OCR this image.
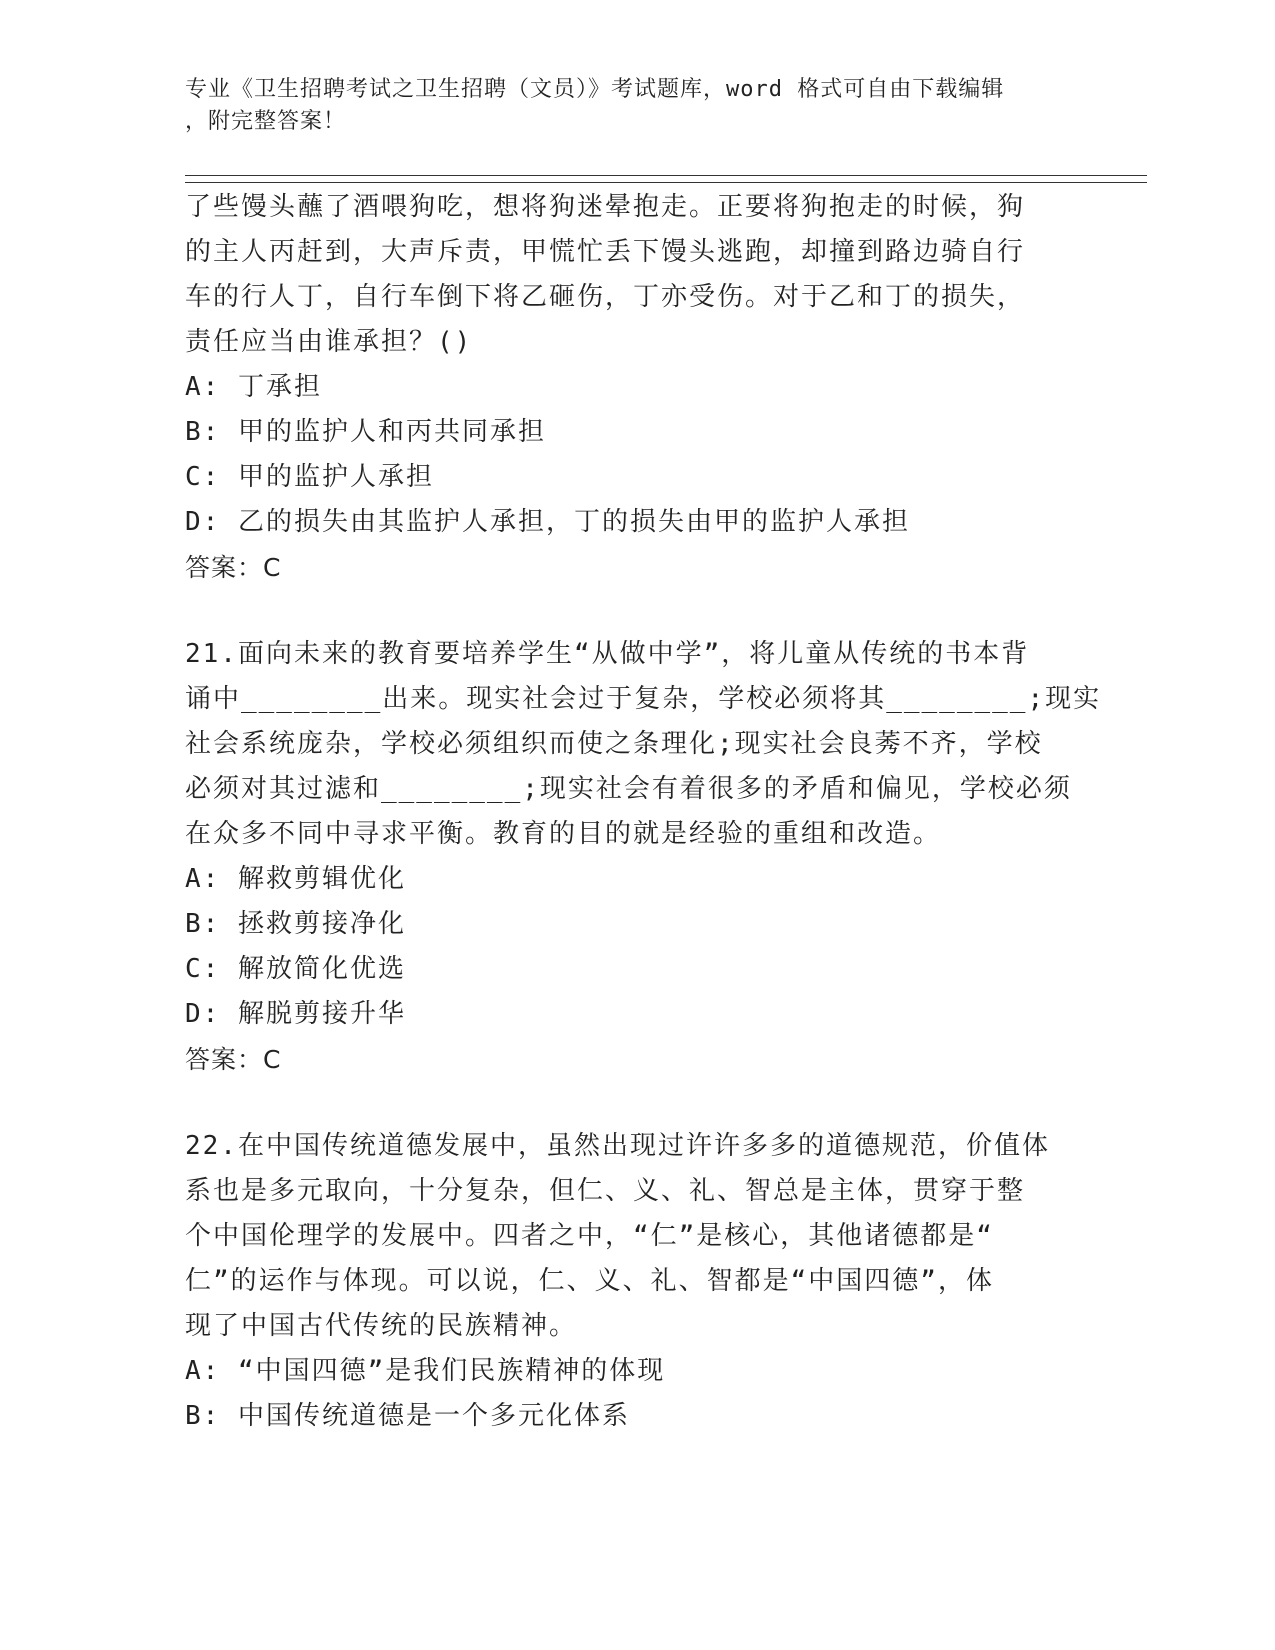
专业《卫生招聘考试之卫生招聘（文员）》考试题库，word 格式可自由下载编辑
，附完整答案！
了些馒头蘸了酒喂狗吃，想将狗迷晕抱走。正要将狗抱走的时候，狗
的主人丙赶到，大声斥责，甲慌忙丢下馒头逃跑，却撞到路边骑自行
车的行人丁，自行车倒下将乙砸伤，丁亦受伤。对于乙和丁的损失，
责任应当由谁承担？()
A: 丁承担
B: 甲的监护人和丙共同承担
C: 甲的监护人承担
D: 乙的损失由其监护人承担，丁的损失由甲的监护人承担
答案：C
21.面向未来的教育要培养学生“从做中学”，将儿童从传统的书本背
诵中________出来。现实社会过于复杂，学校必须将其________;现实
社会系统庞杂，学校必须组织而使之条理化;现实社会良莠不齐，学校
必须对其过滤和________;现实社会有着很多的矛盾和偏见，学校必须
在众多不同中寻求平衡。教育的目的就是经验的重组和改造。
A: 解救剪辑优化
B: 拯救剪接净化
C: 解放简化优选
D: 解脱剪接升华
答案：C
22.在中国传统道德发展中，虽然出现过许许多多的道德规范，价值体
系也是多元取向，十分复杂，但仁、义、礼、智总是主体，贯穿于整
个中国伦理学的发展中。四者之中，“仁”是核心，其他诸德都是“
仁”的运作与体现。可以说，仁、义、礼、智都是“中国四德”，体
现了中国古代传统的民族精神。
A: “中国四德”是我们民族精神的体现
B: 中国传统道德是一个多元化体系
